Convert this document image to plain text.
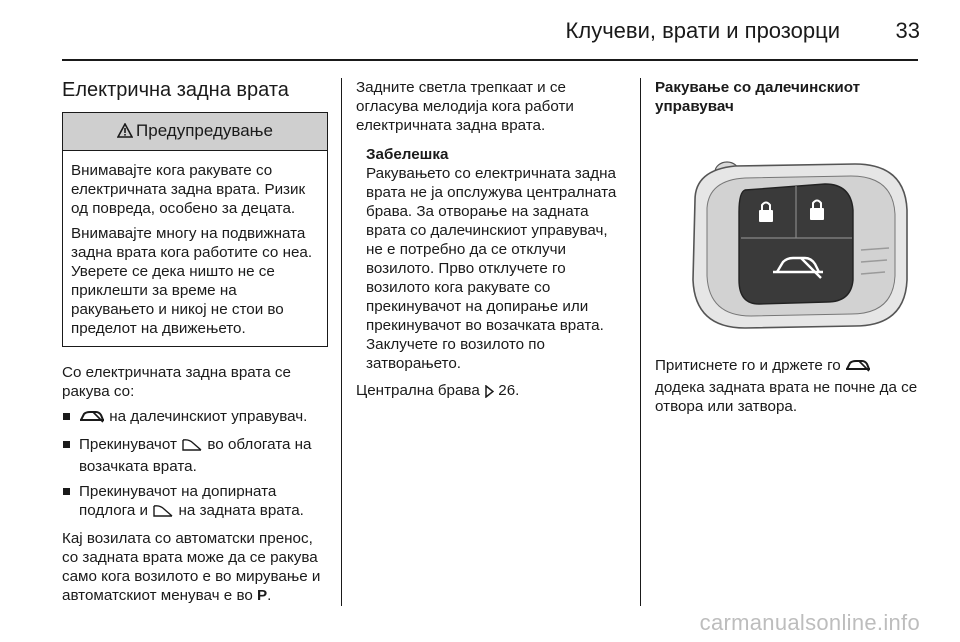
Клучеви, врати и прозорци	33
Електрична задна врата
Предупредување

Внимавајте кога ракувате со електричната задна врата. Ризик од повреда, особено за децата.

Внимавајте многу на подвижната задна врата кога работите со неа. Уверете се дека ништо не се приклешти за време на ракувањето и никој не стои во пределот на движењето.

Со електричната задна врата се ракува со:

на далечинскиот управувач.
Прекинувачот во облогата на возачката врата.
Прекинувачот на допирната подлога и на задната врата.

Кај возилата со автоматски пренос, со задната врата може да се ракува само кога возилото е во мирување и автоматскиот менувач е во P.

Задните светла трепкаат и се огласува мелодија кога работи електричната задна врата.

Забелешка
Ракувањето со електричната задна врата не ја опслужува централната брава. За отворање на задната врата со далечинскиот управувач, не е потребно да се отклучи возилото. Прво отклучете го возилото кога ракувате со прекинувачот на допирање или прекинувачот во возачката врата. Заклучете го возилото по затворањето.

Централна брава 26.

Ракување со далечинскиот управувач

Притиснете го и држете го  додека задната врата не почне да се отвора или затвора.

carmanualsonline.info
